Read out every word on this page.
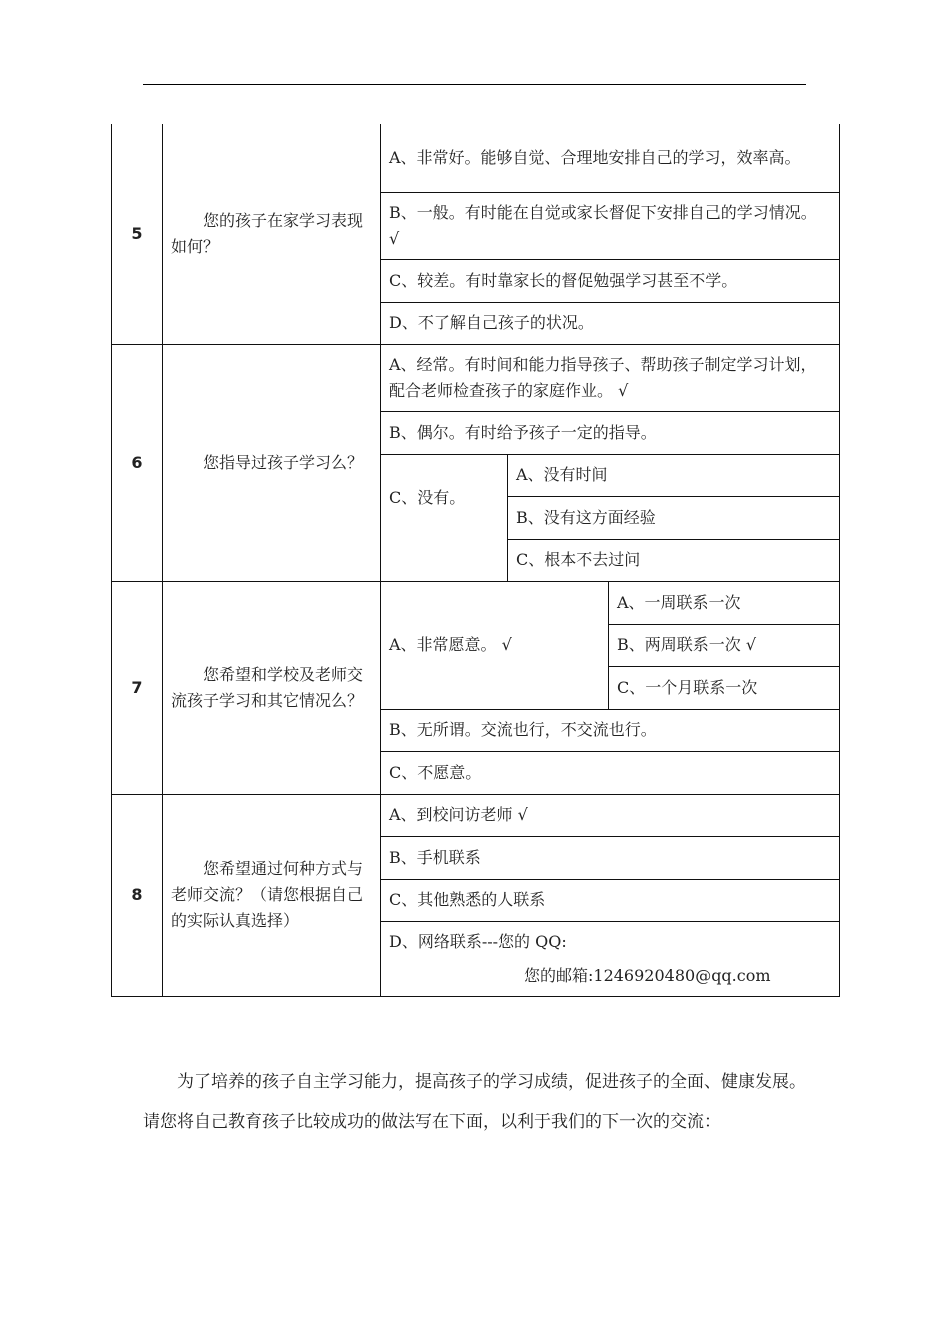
5	您的孩子在家学习表现如何？	A、非常好。能够自觉、合理地安排自己的学习，效率高。		
		B、一般。有时能在自觉或家长督促下安排自己的学习情况。 √		
		C、较差。有时靠家长的督促勉强学习甚至不学。		
		D、不了解自己孩子的状况。		
6	您指导过孩子学习么？	A、经常。有时间和能力指导孩子、帮助孩子制定学习计划，配合老师检查孩子的家庭作业。 √		
		B、偶尔。有时给予孩子一定的指导。		
		C、没有。	A、没有时间	
			B、没有这方面经验	
			C、根本不去过问	
7	您希望和学校及老师交流孩子学习和其它情况么？	A、非常愿意。 √		A、一周联系一次
				B、两周联系一次 √
				C、一个月联系一次
		B、无所谓。交流也行，不交流也行。		
		C、不愿意。		
8	您希望通过何种方式与老师交流？（请您根据自己的实际认真选择）	A、到校问访老师 √		
		B、手机联系		
		C、其他熟悉的人联系		

		D、网络联系---您的 QQ:
您的邮箱:1246920480@qq.com		

为了培养的孩子自主学习能力，提高孩子的学习成绩，促进孩子的全面、健康发展。请您将自己教育孩子比较成功的做法写在下面，以利于我们的下一次的交流：
